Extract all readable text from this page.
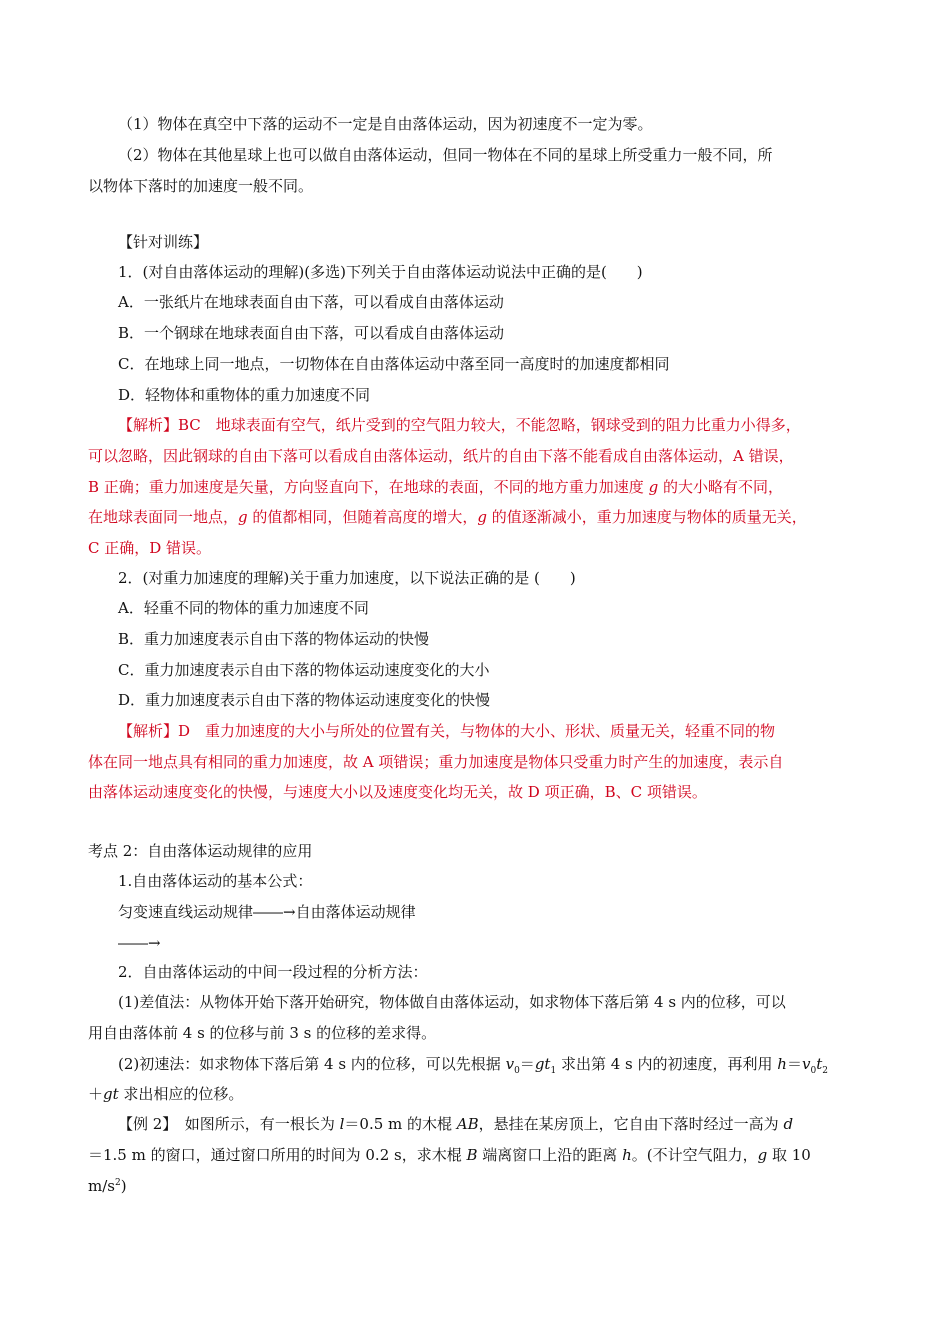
（1）物体在真空中下落的运动不一定是自由落体运动，因为初速度不一定为零。
（2）物体在其他星球上也可以做自由落体运动，但同一物体在不同的星球上所受重力一般不同，所
以物体下落时的加速度一般不同。
【针对训练】
1．(对自由落体运动的理解)(多选)下列关于自由落体运动说法中正确的是(　　)
A．一张纸片在地球表面自由下落，可以看成自由落体运动
B．一个钢球在地球表面自由下落，可以看成自由落体运动
C．在地球上同一地点，一切物体在自由落体运动中落至同一高度时的加速度都相同
D．轻物体和重物体的重力加速度不同
【解析】BC　地球表面有空气，纸片受到的空气阻力较大，不能忽略，钢球受到的阻力比重力小得多，
可以忽略，因此钢球的自由下落可以看成自由落体运动，纸片的自由下落不能看成自由落体运动，A 错误，
B 正确；重力加速度是矢量，方向竖直向下，在地球的表面，不同的地方重力加速度 g 的大小略有不同，
在地球表面同一地点，g 的值都相同，但随着高度的增大，g 的值逐渐减小，重力加速度与物体的质量无关，
C 正确，D 错误。
2．(对重力加速度的理解)关于重力加速度，以下说法正确的是 (　　)
A．轻重不同的物体的重力加速度不同
B．重力加速度表示自由下落的物体运动的快慢
C．重力加速度表示自由下落的物体运动速度变化的大小
D．重力加速度表示自由下落的物体运动速度变化的快慢
【解析】D　重力加速度的大小与所处的位置有关，与物体的大小、形状、质量无关，轻重不同的物
体在同一地点具有相同的重力加速度，故 A 项错误；重力加速度是物体只受重力时产生的加速度，表示自
由落体运动速度变化的快慢，与速度大小以及速度变化均无关，故 D 项正确，B、C 项错误。
考点 2：自由落体运动规律的应用
1.自由落体运动的基本公式：
匀变速直线运动规律――→自由落体运动规律
――→
2．自由落体运动的中间一段过程的分析方法：
(1)差值法：从物体开始下落开始研究，物体做自由落体运动，如求物体下落后第 4 s 内的位移，可以
用自由落体前 4 s 的位移与前 3 s 的位移的差求得。
(2)初速法：如求物体下落后第 4 s 内的位移，可以先根据 $v_0=gt_1$ 求出第 4 s 内的初速度，再利用 $h=v_0t_2$
＋gt 求出相应的位移。
【例 2】　如图所示，有一根长为 l＝0.5 m 的木棍 AB，悬挂在某房顶上，它自由下落时经过一高为 d
＝1.5 m 的窗口，通过窗口所用的时间为 0.2 s，求木棍 B 端离窗口上沿的距离 h。(不计空气阻力，g 取 10
$m/s^2$)
